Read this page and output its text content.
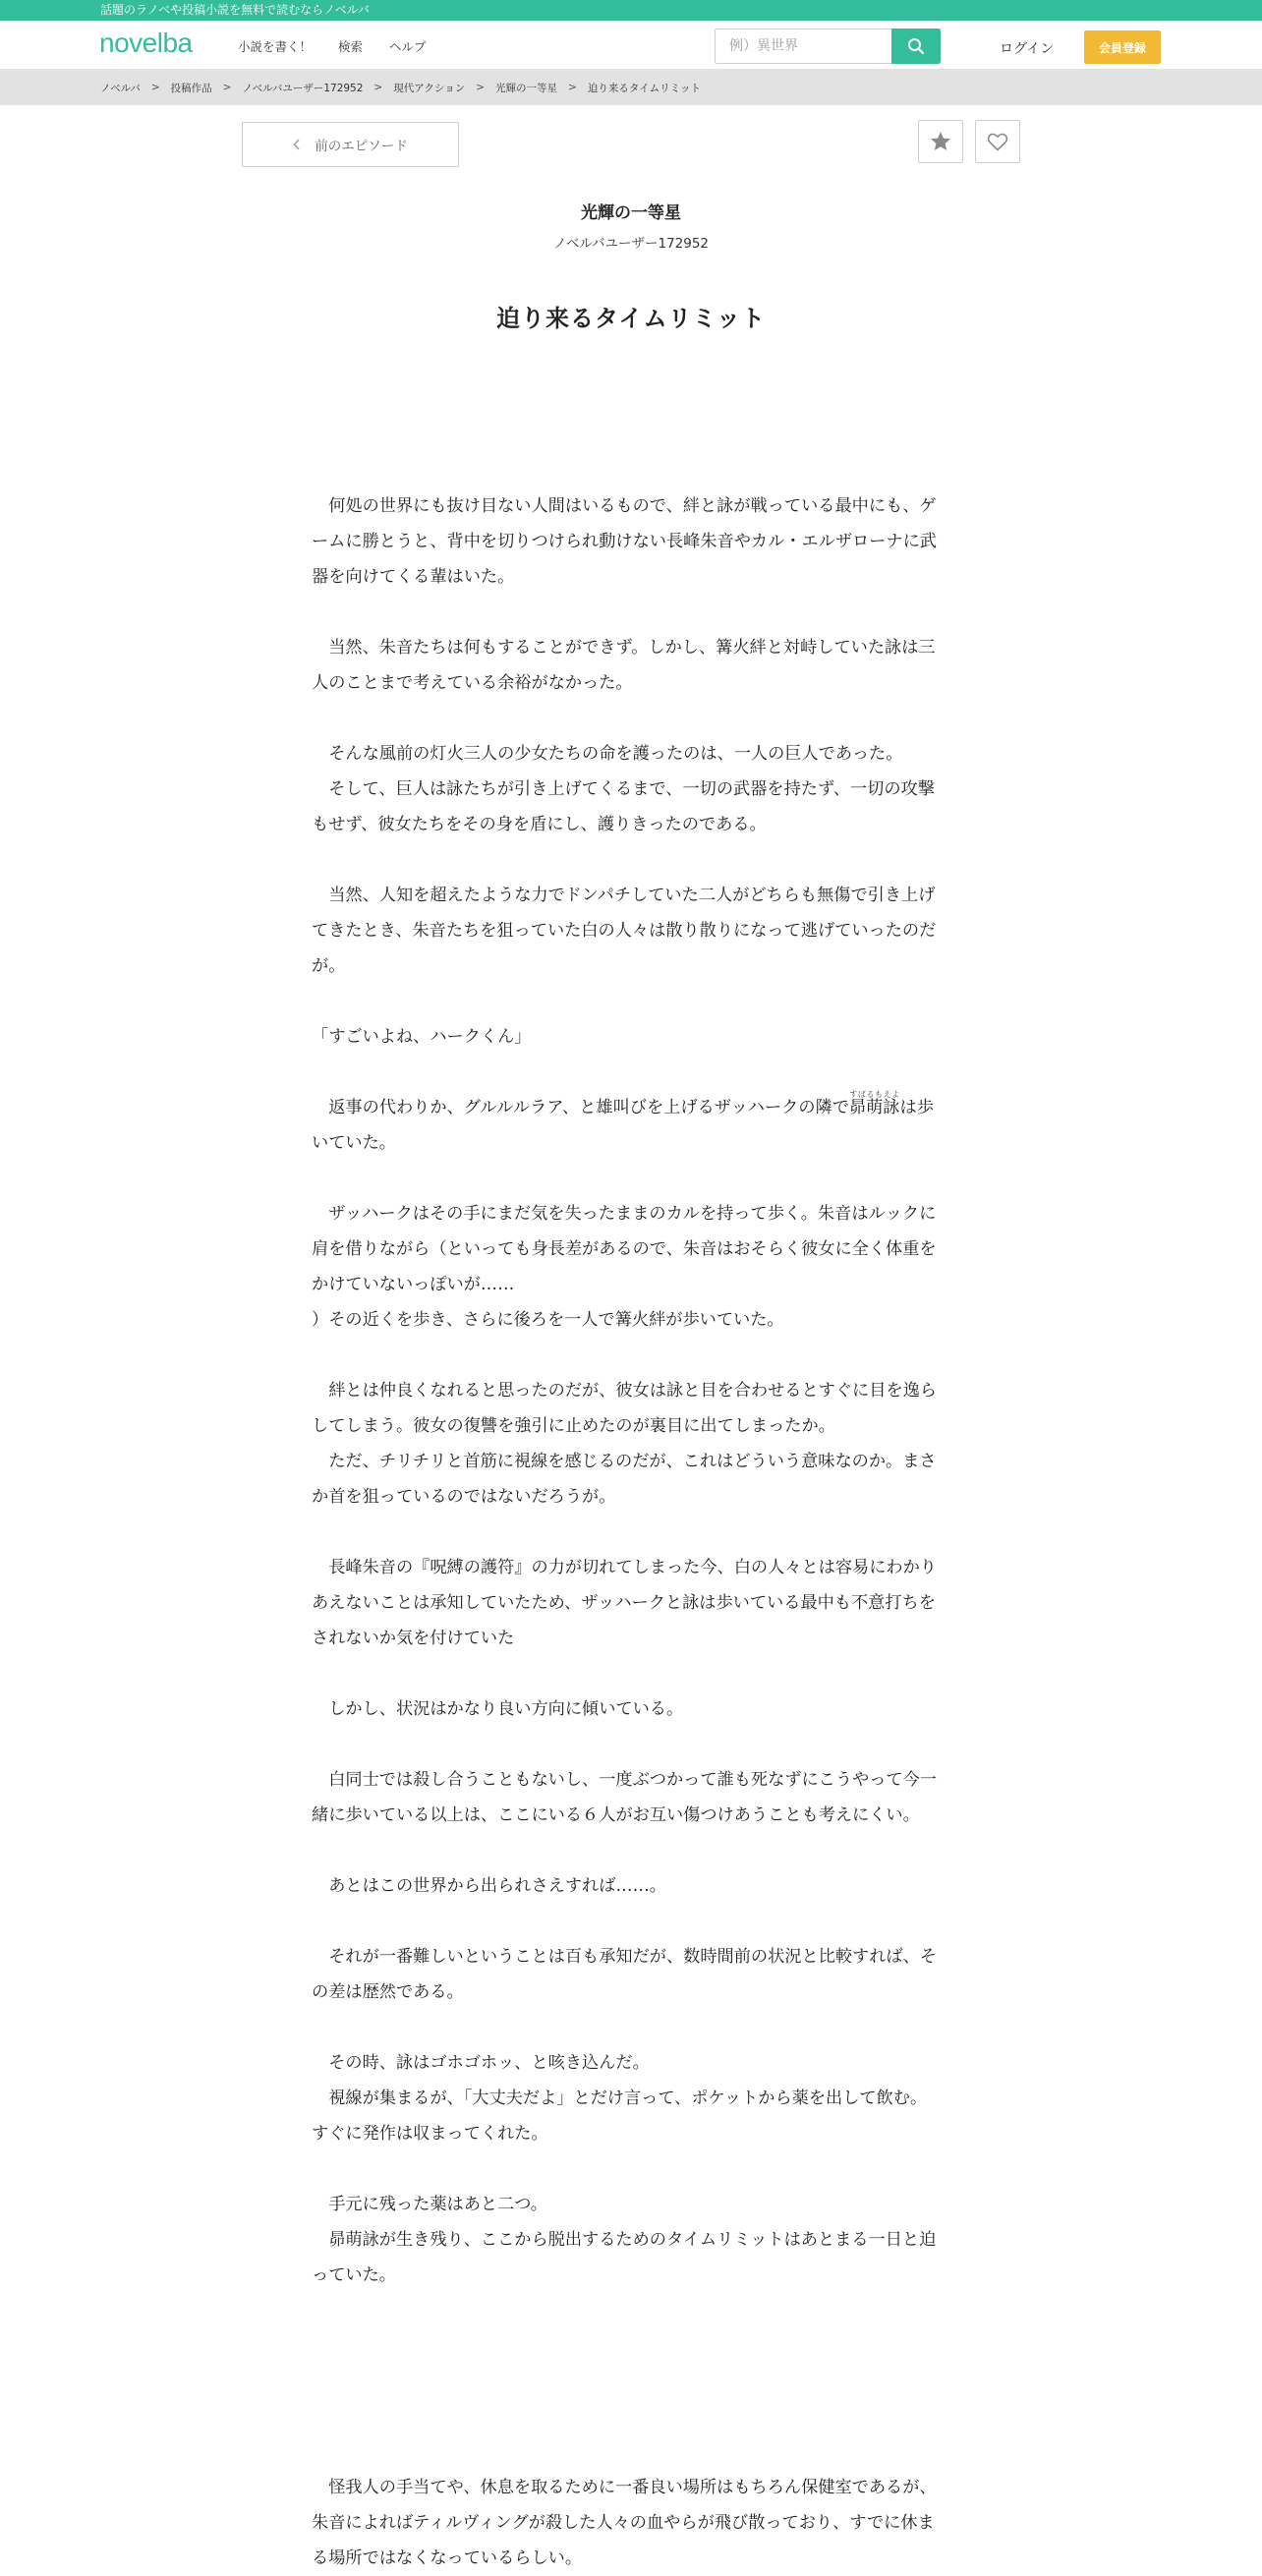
話題のラノベや投稿小説を無料で読むならノベルバ
novelba	小説を書く！ 検索 ヘルプ
例）異世界	ログイン	会員登録
ノベルバ > 投稿作品 > ノベルバユーザー172952 > 現代アクション > 光輝の一等星 > 迫り来るタイムリミット
前のエピソード
光輝の一等星
ノベルバユーザー172952
迫り来るタイムリミット

　何処の世界にも抜け目ない人間はいるもので、絆と詠が戦っている最中にも、ゲームに勝とうと、背中を切りつけられ動けない長峰朱音やカル・エルザローナに武器を向けてくる輩はいた。

　当然、朱音たちは何もすることができず。しかし、篝火絆と対峙していた詠は三人のことまで考えている余裕がなかった。

　そんな風前の灯火三人の少女たちの命を護ったのは、一人の巨人であった。

　そして、巨人は詠たちが引き上げてくるまで、一切の武器を持たず、一切の攻撃もせず、彼女たちをその身を盾にし、護りきったのである。

　当然、人知を超えたような力でドンパチしていた二人がどちらも無傷で引き上げてきたとき、朱音たちを狙っていた白の人々は散り散りになって逃げていったのだが。

「すごいよね、ハークくん」

　返事の代わりか、グルルルラア、と雄叫びを上げるザッハークの隣で昴萌詠すばるもえよは歩いていた。

　ザッハークはその手にまだ気を失ったままのカルを持って歩く。朱音はルックに肩を借りながら（といっても身長差があるので、朱音はおそらく彼女に全く体重をかけていないっぽいが……

）その近くを歩き、さらに後ろを一人で篝火絆が歩いていた。

　絆とは仲良くなれると思ったのだが、彼女は詠と目を合わせるとすぐに目を逸らしてしまう。彼女の復讐を強引に止めたのが裏目に出てしまったか。

　ただ、チリチリと首筋に視線を感じるのだが、これはどういう意味なのか。まさか首を狙っているのではないだろうが。

　長峰朱音の『呪縛の護符』の力が切れてしまった今、白の人々とは容易にわかりあえないことは承知していたため、ザッハークと詠は歩いている最中も不意打ちをされないか気を付けていた

　しかし、状況はかなり良い方向に傾いている。

　白同士では殺し合うこともないし、一度ぶつかって誰も死なずにこうやって今一緒に歩いている以上は、ここにいる６人がお互い傷つけあうことも考えにくい。

　あとはこの世界から出られさえすれば……。

　それが一番難しいということは百も承知だが、数時間前の状況と比較すれば、その差は歴然である。

　その時、詠はゴホゴホッ、と咳き込んだ。

　視線が集まるが、「大丈夫だよ」とだけ言って、ポケットから薬を出して飲む。すぐに発作は収まってくれた。

　手元に残った薬はあと二つ。

　昴萌詠が生き残り、ここから脱出するためのタイムリミットはあとまる一日と迫っていた。

　怪我人の手当てや、休息を取るために一番良い場所はもちろん保健室であるが、朱音によればティルヴィングが殺した人々の血やらが飛び散っており、すでに休まる場所ではなくなっているらしい。
